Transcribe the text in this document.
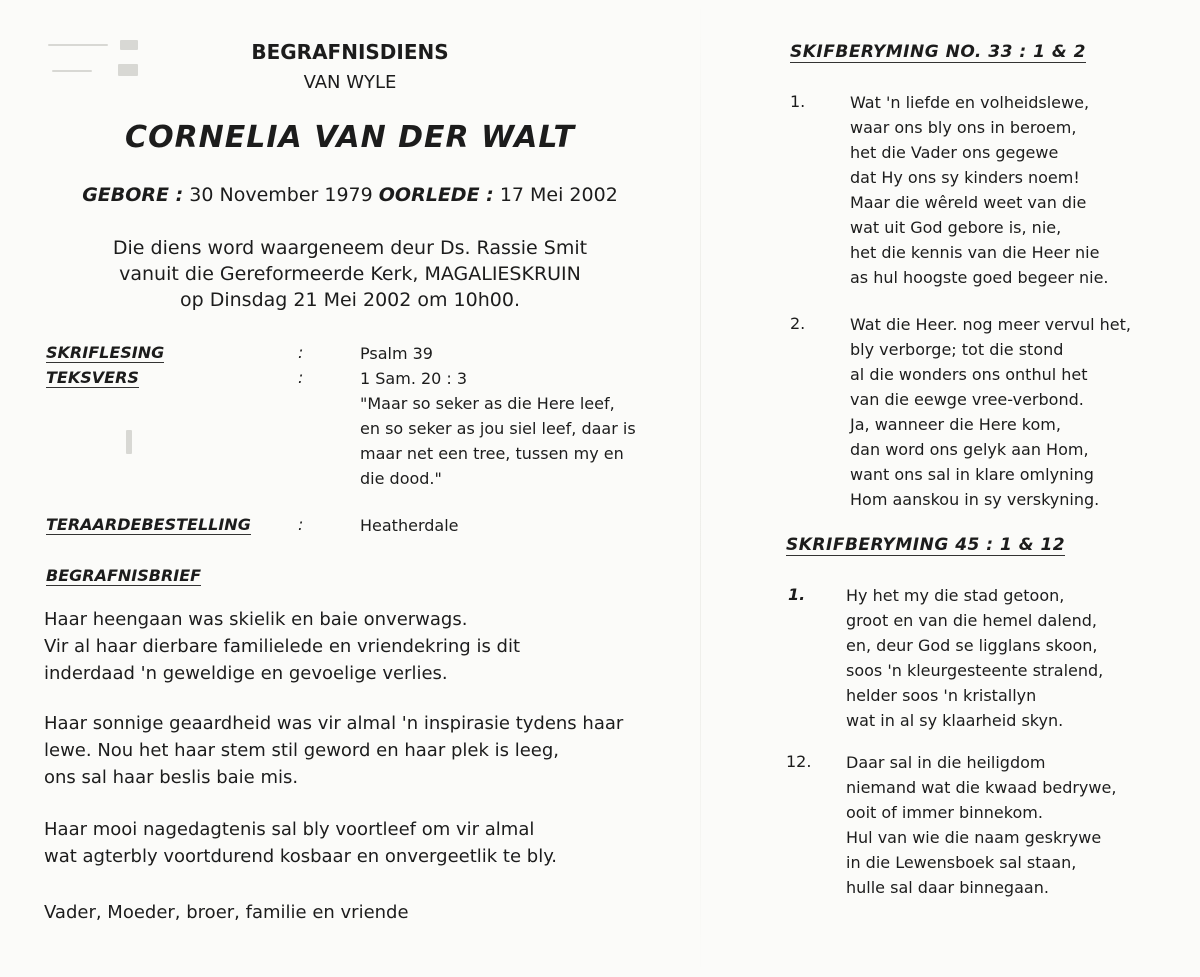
BEGRAFNISDIENS
VAN WYLE
CORNELIA VAN DER WALT
GEBORE : 30 November 1979 OORLEDE : 17 Mei 2002
Die diens word waargeneem deur Ds. Rassie Smit
vanuit die Gereformeerde Kerk, MAGALIESKRUIN
op Dinsdag 21 Mei 2002 om 10h00.
SKRIFLESING	:	Psalm 39
TEKSVERS	:	1 Sam. 20 : 3
"Maar so seker as die Here leef,
en so seker as jou siel leef, daar is
maar net een tree, tussen my en
die dood."
TERAARDEBESTELLING	:	Heatherdale
BEGRAFNISBRIEF
Haar heengaan was skielik en baie onverwags.
Vir al haar dierbare familielede en vriendekring is dit
inderdaad 'n geweldige en gevoelige verlies.
Haar sonnige geaardheid was vir almal 'n inspirasie tydens haar
lewe. Nou het haar stem stil geword en haar plek is leeg,
ons sal haar beslis baie mis.
Haar mooi nagedagtenis sal bly voortleef om vir almal
wat agterbly voortdurend kosbaar en onvergeetlik te bly.
Vader, Moeder, broer, familie en vriende
SKIFBERYMING NO. 33 : 1 & 2
1.	Wat 'n liefde en volheidslewe,
waar ons bly ons in beroem,
het die Vader ons gegewe
dat Hy ons sy kinders noem!
Maar die wêreld weet van die
wat uit God gebore is, nie,
het die kennis van die Heer nie
as hul hoogste goed begeer nie.
2.	Wat die Heer. nog meer vervul het,
bly verborge; tot die stond
al die wonders ons onthul het
van die eewge vree-verbond.
Ja, wanneer die Here kom,
dan word ons gelyk aan Hom,
want ons sal in klare omlyning
Hom aanskou in sy verskyning.
SKRIFBERYMING 45 : 1 & 12
1.	Hy het my die stad getoon,
groot en van die hemel dalend,
en, deur God se ligglans skoon,
soos 'n kleurgesteente stralend,
helder soos 'n kristallyn
wat in al sy klaarheid skyn.
12. Daar sal in die heiligdom
niemand wat die kwaad bedrywe,
ooit of immer binnekom.
Hul van wie die naam geskrywe
in die Lewensboek sal staan,
hulle sal daar binnegaan.
